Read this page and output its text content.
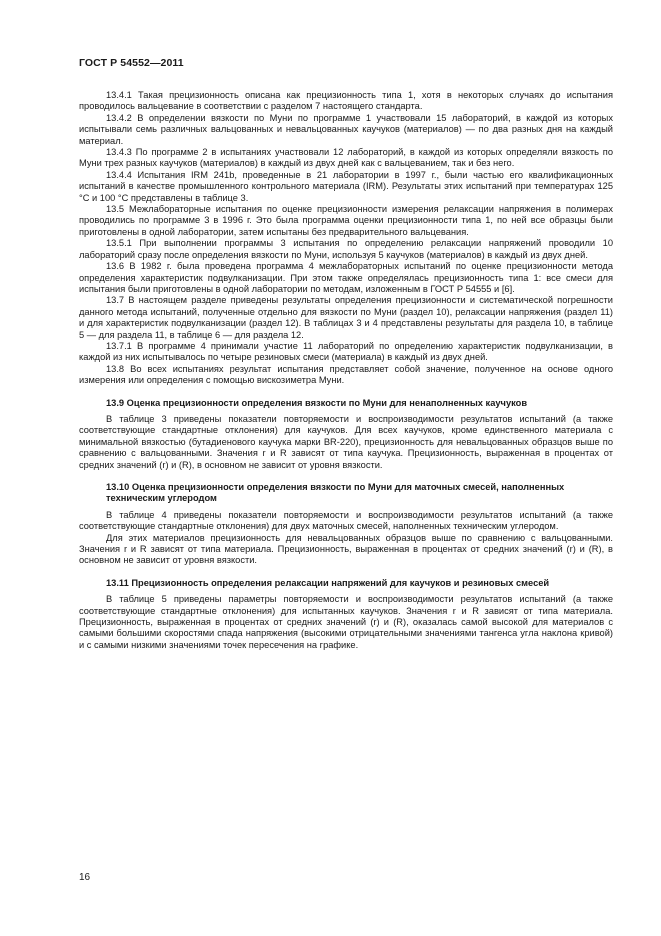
ГОСТ Р 54552—2011

13.4.1 Такая прецизионность описана как прецизионность типа 1, хотя в некоторых случаях до испытания проводилось вальцевание в соответствии с разделом 7 настоящего стандарта.

13.4.2 В определении вязкости по Муни по программе 1 участвовали 15 лабораторий, в каждой из которых испытывали семь различных вальцованных и невальцованных каучуков (материалов) — по два разных дня на каждый материал.

13.4.3 По программе 2 в испытаниях участвовали 12 лабораторий, в каждой из которых определяли вязкость по Муни трех разных каучуков (материалов) в каждый из двух дней как с вальцеванием, так и без него.

13.4.4 Испытания IRM 241b, проведенные в 21 лаборатории в 1997 г., были частью его квалификационных испытаний в качестве промышленного контрольного материала (IRM). Результаты этих испытаний при температурах 125 °С и 100 °С представлены в таблице 3.

13.5 Межлабораторные испытания по оценке прецизионности измерения релаксации напряжения в полимерах проводились по программе 3 в 1996 г. Это была программа оценки прецизионности типа 1, по ней все образцы были приготовлены в одной лаборатории, затем испытаны без предварительного вальцевания.

13.5.1 При выполнении программы 3 испытания по определению релаксации напряжений проводили 10 лабораторий сразу после определения вязкости по Муни, используя 5 каучуков (материалов) в каждый из двух дней.

13.6 В 1982 г. была проведена программа 4 межлабораторных испытаний по оценке прецизионности метода определения характеристик подвулканизации. При этом также определялась прецизионность типа 1: все смеси для испытания были приготовлены в одной лаборатории по методам, изложенным в ГОСТ Р 54555 и [6].

13.7 В настоящем разделе приведены результаты определения прецизионности и систематической погрешности данного метода испытаний, полученные отдельно для вязкости по Муни (раздел 10), релаксации напряжения (раздел 11) и для характеристик подвулканизации (раздел 12). В таблицах 3 и 4 представлены результаты для раздела 10, в таблице 5 — для раздела 11, в таблице 6 — для раздела 12.

13.7.1 В программе 4 принимали участие 11 лабораторий по определению характеристик подвулканизации, в каждой из них испытывалось по четыре резиновых смеси (материала) в каждый из двух дней.

13.8 Во всех испытаниях результат испытания представляет собой значение, полученное на основе одного измерения или определения с помощью вискозиметра Муни.

13.9 Оценка прецизионности определения вязкости по Муни для ненаполненных каучуков

В таблице 3 приведены показатели повторяемости и воспроизводимости результатов испытаний (а также соответствующие стандартные отклонения) для каучуков. Для всех каучуков, кроме единственного материала с минимальной вязкостью (бутадиенового каучука марки BR-220), прецизионность для невальцованных образцов выше по сравнению с вальцованными. Значения r и R зависят от типа каучука. Прецизионность, выраженная в процентах от средних значений (r) и (R), в основном не зависит от уровня вязкости.

13.10 Оценка прецизионности определения вязкости по Муни для маточных смесей, наполненных техническим углеродом

В таблице 4 приведены показатели повторяемости и воспроизводимости результатов испытаний (а также соответствующие стандартные отклонения) для двух маточных смесей, наполненных техническим углеродом.

Для этих материалов прецизионность для невальцованных образцов выше по сравнению с вальцованными. Значения r и R зависят от типа материала. Прецизионность, выраженная в процентах от средних значений (r) и (R), в основном не зависит от уровня вязкости.

13.11 Прецизионность определения релаксации напряжений для каучуков и резиновых смесей

В таблице 5 приведены параметры повторяемости и воспроизводимости результатов испытаний (а также соответствующие стандартные отклонения) для испытанных каучуков. Значения r и R зависят от типа материала. Прецизионность, выраженная в процентах от средних значений (r) и (R), оказалась самой высокой для материалов с самыми большими скоростями спада напряжения (высокими отрицательными значениями тангенса угла наклона кривой) и с самыми низкими значениями точек пересечения на графике.

16
